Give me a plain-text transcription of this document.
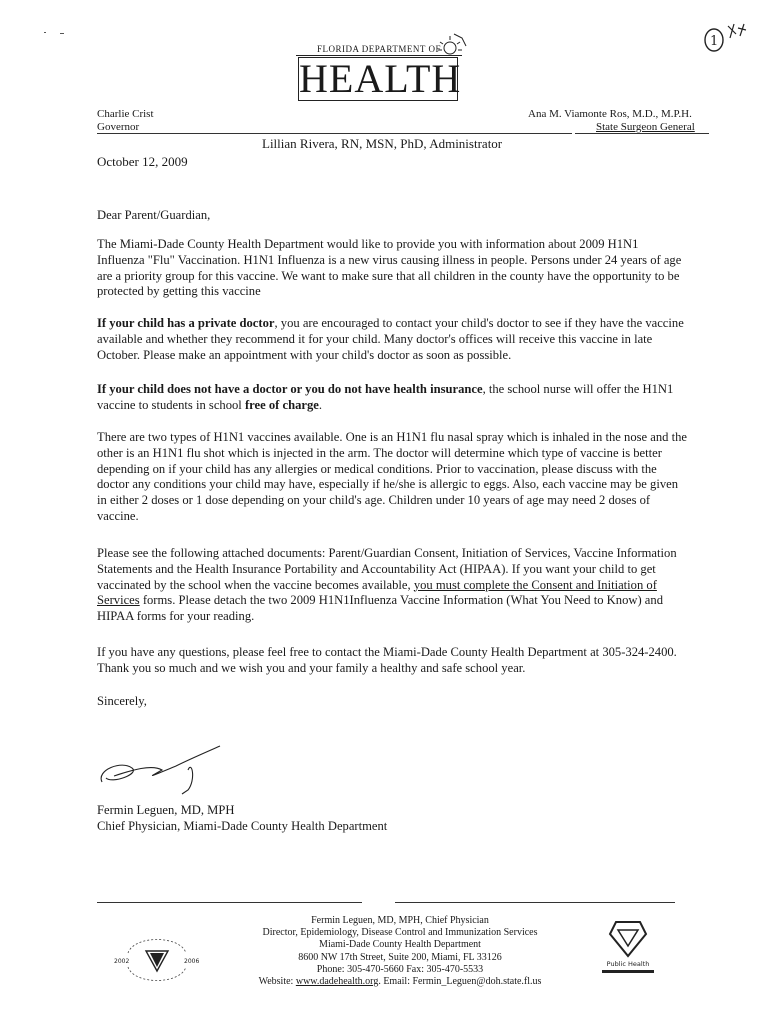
1
FLORIDA DEPARTMENT OF
HEALTH
Charlie Crist
Governor
Ana M. Viamonte Ros, M.D., M.P.H.
State Surgeon General
Lillian Rivera, RN, MSN, PhD, Administrator
October 12, 2009
Dear Parent/Guardian,
The Miami-Dade County Health Department would like to provide you with information about 2009 H1N1 Influenza "Flu" Vaccination. H1N1 Influenza is a new virus causing illness in people. Persons under 24 years of age are a priority group for this vaccine. We want to make sure that all children in the county have the opportunity to be protected by getting this vaccine
If your child has a private doctor, you are encouraged to contact your child's doctor to see if they have the vaccine available and whether they recommend it for your child. Many doctor's offices will receive this vaccine in late October. Please make an appointment with your child's doctor as soon as possible.
If your child does not have a doctor or you do not have health insurance, the school nurse will offer the H1N1 vaccine to students in school free of charge.
There are two types of H1N1 vaccines available. One is an H1N1 flu nasal spray which is inhaled in the nose and the other is an H1N1 flu shot which is injected in the arm. The doctor will determine which type of vaccine is better depending on if your child has any allergies or medical conditions. Prior to vaccination, please discuss with the doctor any conditions your child may have, especially if he/she is allergic to eggs. Also, each vaccine may be given in either 2 doses or 1 dose depending on your child's age. Children under 10 years of age may need 2 doses of vaccine.
Please see the following attached documents: Parent/Guardian Consent, Initiation of Services, Vaccine Information Statements and the Health Insurance Portability and Accountability Act (HIPAA). If you want your child to get vaccinated by the school when the vaccine becomes available, you must complete the Consent and Initiation of Services forms. Please detach the two 2009 H1N1Influenza Vaccine Information (What You Need to Know) and HIPAA forms for your reading.
If you have any questions, please feel free to contact the Miami-Dade County Health Department at 305-324-2400. Thank you so much and we wish you and your family a healthy and safe school year.
Sincerely,
Fermin Leguen, MD, MPH
Chief Physician, Miami-Dade County Health Department
2002	2006
Fermin Leguen, MD, MPH, Chief Physician
Director, Epidemiology, Disease Control and Immunization Services
Miami-Dade County Health Department
8600 NW 17th Street, Suite 200, Miami, FL 33126
Phone: 305-470-5660 Fax: 305-470-5533
Website: www.dadehealth.org. Email: Fermin_Leguen@doh.state.fl.us
Public Health
